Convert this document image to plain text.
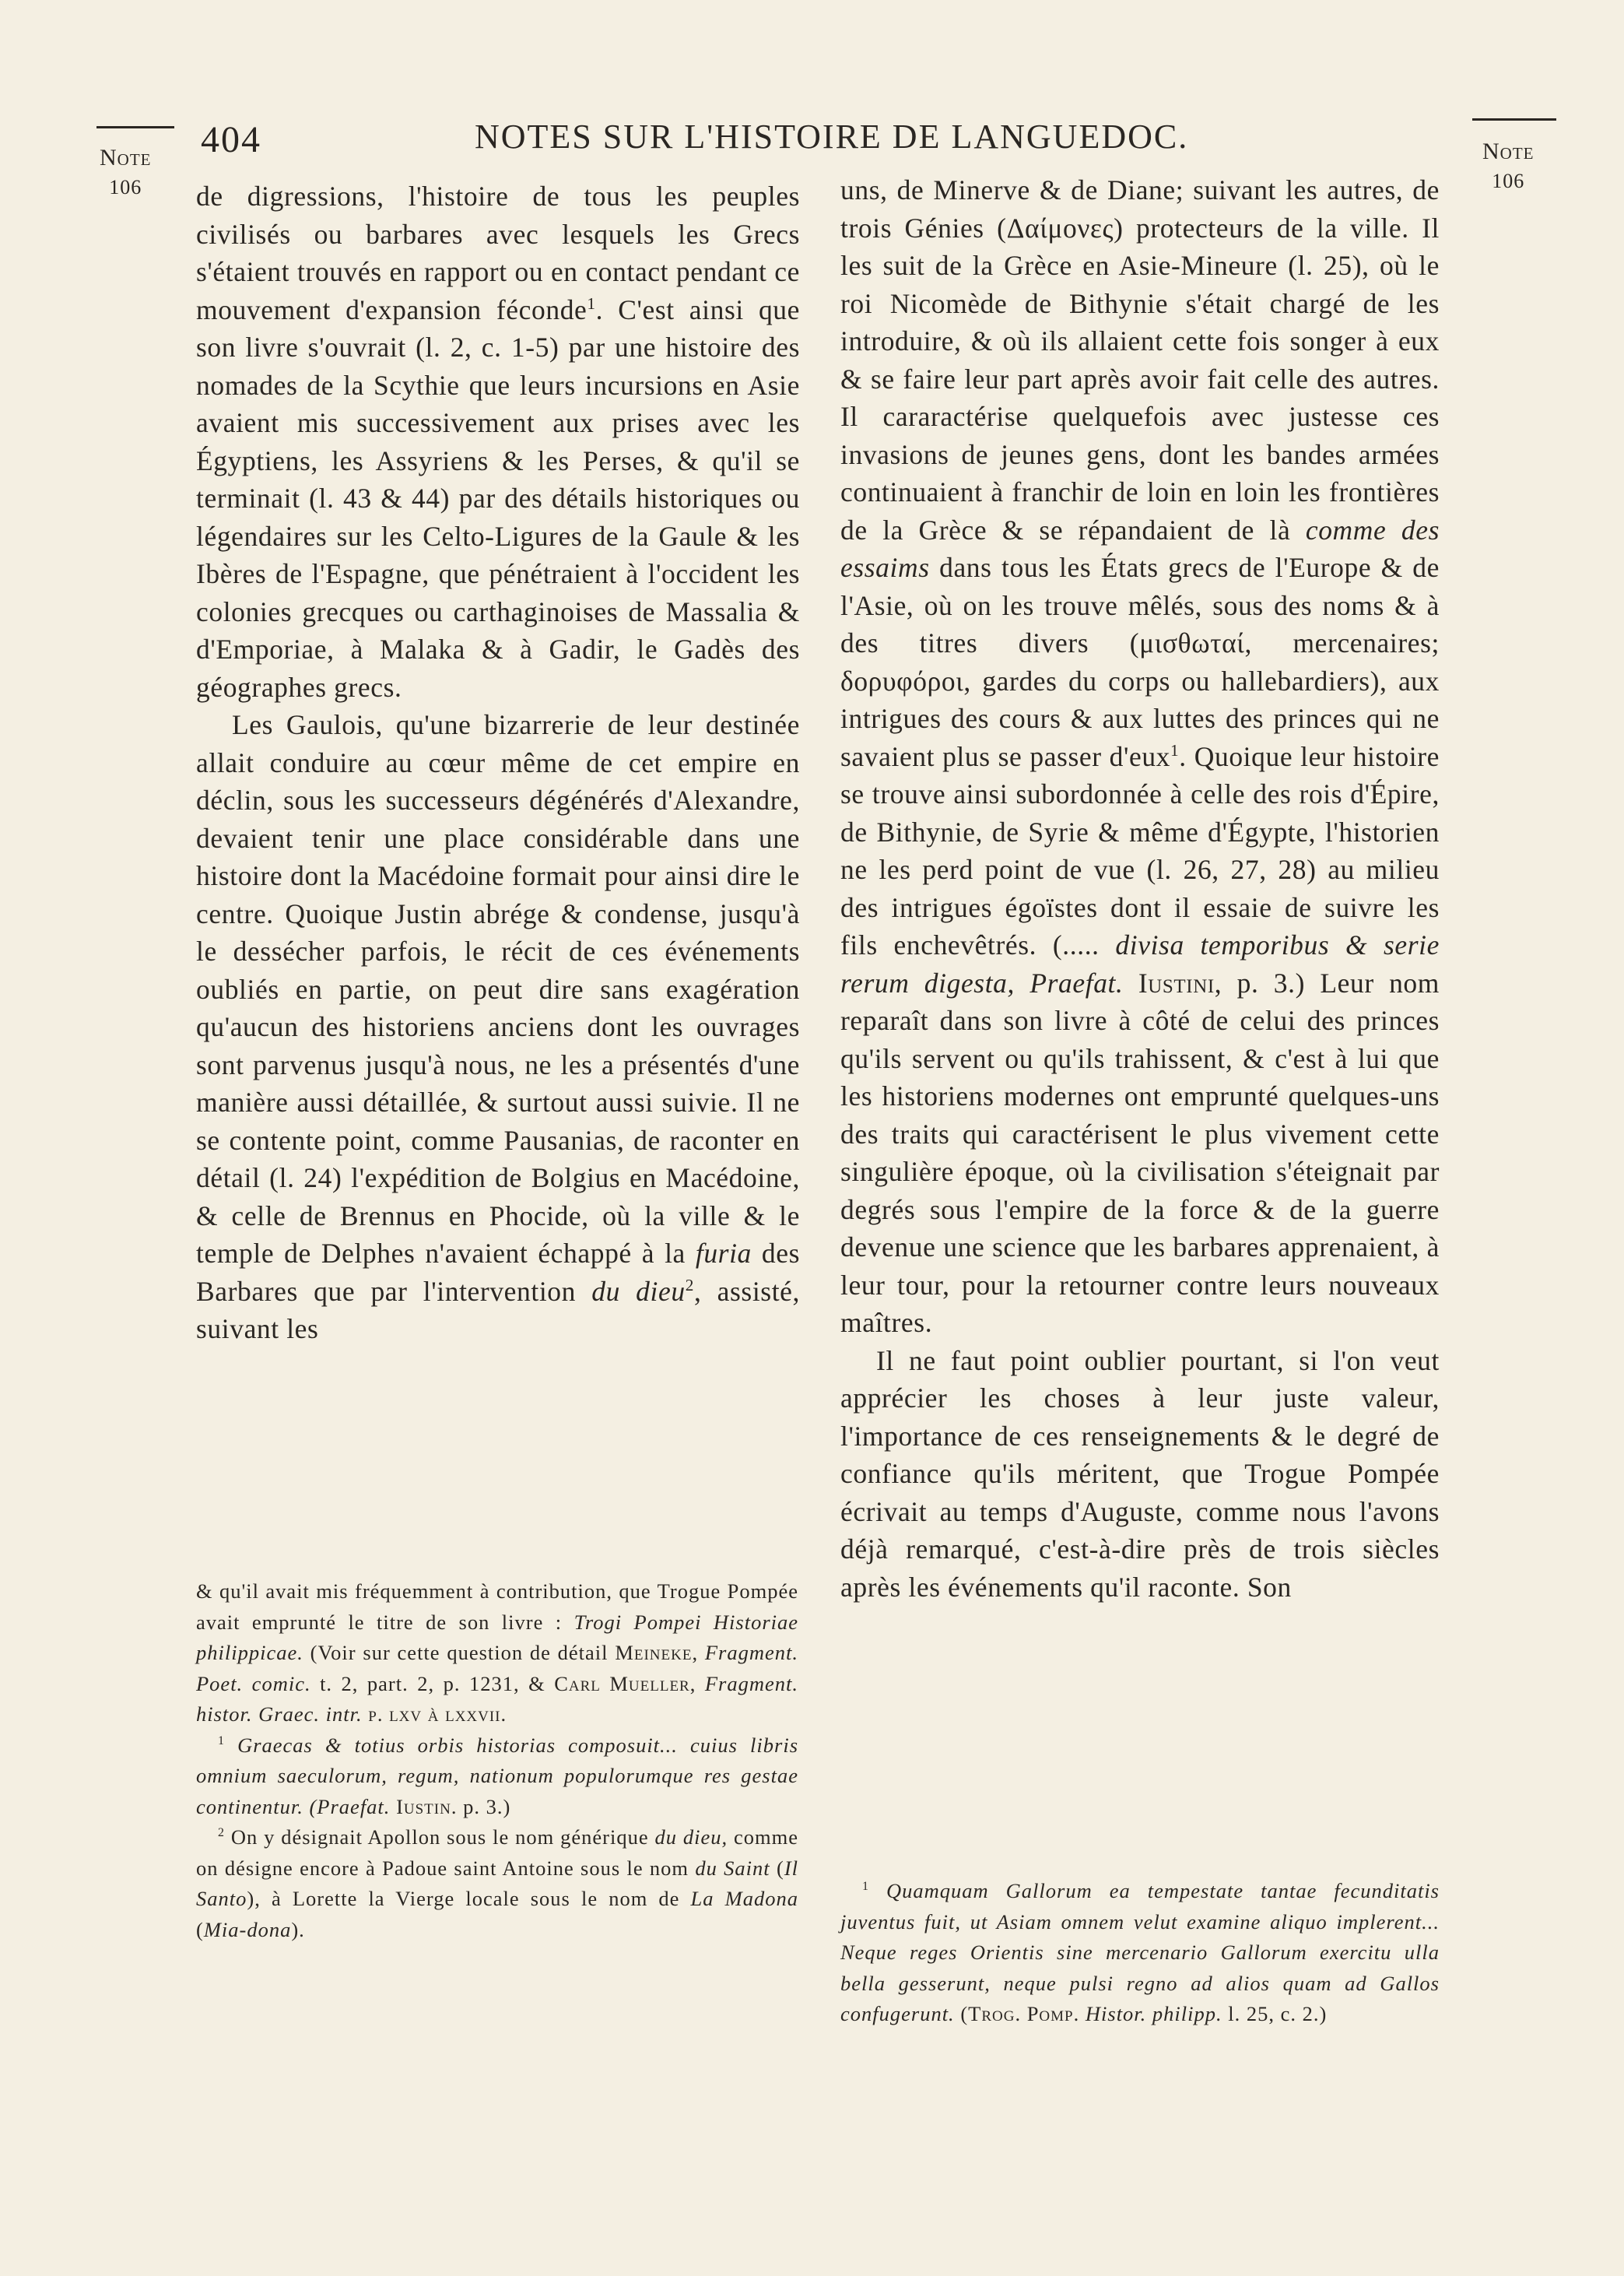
Note
106
Note
106
404	NOTES SUR L'HISTOIRE DE LANGUEDOC.

de digressions, l'histoire de tous les peuples civilisés ou barbares avec lesquels les Grecs s'étaient trouvés en rapport ou en contact pendant ce mouvement d'expansion féconde$^1$. C'est ainsi que son livre s'ouvrait (l. 2, c. 1-5) par une histoire des nomades de la Scythie que leurs incursions en Asie avaient mis successivement aux prises avec les Égyptiens, les Assyriens & les Perses, & qu'il se terminait (l. 43 & 44) par des détails historiques ou légendaires sur les Celto-Ligures de la Gaule & les Ibères de l'Espagne, que pénétraient à l'occident les colonies grecques ou carthaginoises de Massalia & d'Emporiae, à Malaka & à Gadir, le Gadès des géographes grecs.

Les Gaulois, qu'une bizarrerie de leur destinée allait conduire au cœur même de cet empire en déclin, sous les successeurs dégénérés d'Alexandre, devaient tenir une place considérable dans une histoire dont la Macédoine formait pour ainsi dire le centre. Quoique Justin abrége & condense, jusqu'à le dessécher parfois, le récit de ces événements oubliés en partie, on peut dire sans exagération qu'aucun des historiens anciens dont les ouvrages sont parvenus jusqu'à nous, ne les a présentés d'une manière aussi détaillée, & surtout aussi suivie. Il ne se contente point, comme Pausanias, de raconter en détail (l. 24) l'expédition de Bolgius en Macédoine, & celle de Brennus en Phocide, où la ville & le temple de Delphes n'avaient échappé à la furia des Barbares que par l'intervention du dieu$^2$, assisté, suivant les

uns, de Minerve & de Diane; suivant les autres, de trois Génies (Δαίμονες) protecteurs de la ville. Il les suit de la Grèce en Asie-Mineure (l. 25), où le roi Nicomède de Bithynie s'était chargé de les introduire, & où ils allaient cette fois songer à eux & se faire leur part après avoir fait celle des autres. Il cararactérise quelquefois avec justesse ces invasions de jeunes gens, dont les bandes armées continuaient à franchir de loin en loin les frontières de la Grèce & se répandaient de là comme des essaims dans tous les États grecs de l'Europe & de l'Asie, où on les trouve mêlés, sous des noms & à des titres divers (μισθωταί, mercenaires; δορυφόροι, gardes du corps ou hallebardiers), aux intrigues des cours & aux luttes des princes qui ne savaient plus se passer d'eux$^1$. Quoique leur histoire se trouve ainsi subordonnée à celle des rois d'Épire, de Bithynie, de Syrie & même d'Égypte, l'historien ne les perd point de vue (l. 26, 27, 28) au milieu des intrigues égoïstes dont il essaie de suivre les fils enchevêtrés. (..... divisa temporibus & serie rerum digesta, Praefat. Iustini, p. 3.) Leur nom reparaît dans son livre à côté de celui des princes qu'ils servent ou qu'ils trahissent, & c'est à lui que les historiens modernes ont emprunté quelques-uns des traits qui caractérisent le plus vivement cette singulière époque, où la civilisation s'éteignait par degrés sous l'empire de la force & de la guerre devenue une science que les barbares apprenaient, à leur tour, pour la retourner contre leurs nouveaux maîtres.

Il ne faut point oublier pourtant, si l'on veut apprécier les choses à leur juste valeur, l'importance de ces renseignements & le degré de confiance qu'ils méritent, que Trogue Pompée écrivait au temps d'Auguste, comme nous l'avons déjà remarqué, c'est-à-dire près de trois siècles après les événements qu'il raconte. Son

& qu'il avait mis fréquemment à contribution, que Trogue Pompée avait emprunté le titre de son livre : Trogi Pompei Historiae philippicae. (Voir sur cette question de détail Meineke, Fragment. Poet. comic. t. 2, part. 2, p. 1231, & Carl Mueller, Fragment. histor. Graec. intr. p. lxv à lxxvii.

$^1$ Graecas & totius orbis historias composuit... cuius libris omnium saeculorum, regum, nationum populorumque res gestae continentur. (Praefat. Iustin. p. 3.)

$^2$ On y désignait Apollon sous le nom générique du dieu, comme on désigne encore à Padoue saint Antoine sous le nom du Saint (Il Santo), à Lorette la Vierge locale sous le nom de La Madona (Mia-dona).

$^1$ Quamquam Gallorum ea tempestate tantae fecunditatis juventus fuit, ut Asiam omnem velut examine aliquo implerent... Neque reges Orientis sine mercenario Gallorum exercitu ulla bella gesserunt, neque pulsi regno ad alios quam ad Gallos confugerunt. (Trog. Pomp. Histor. philipp. l. 25, c. 2.)
